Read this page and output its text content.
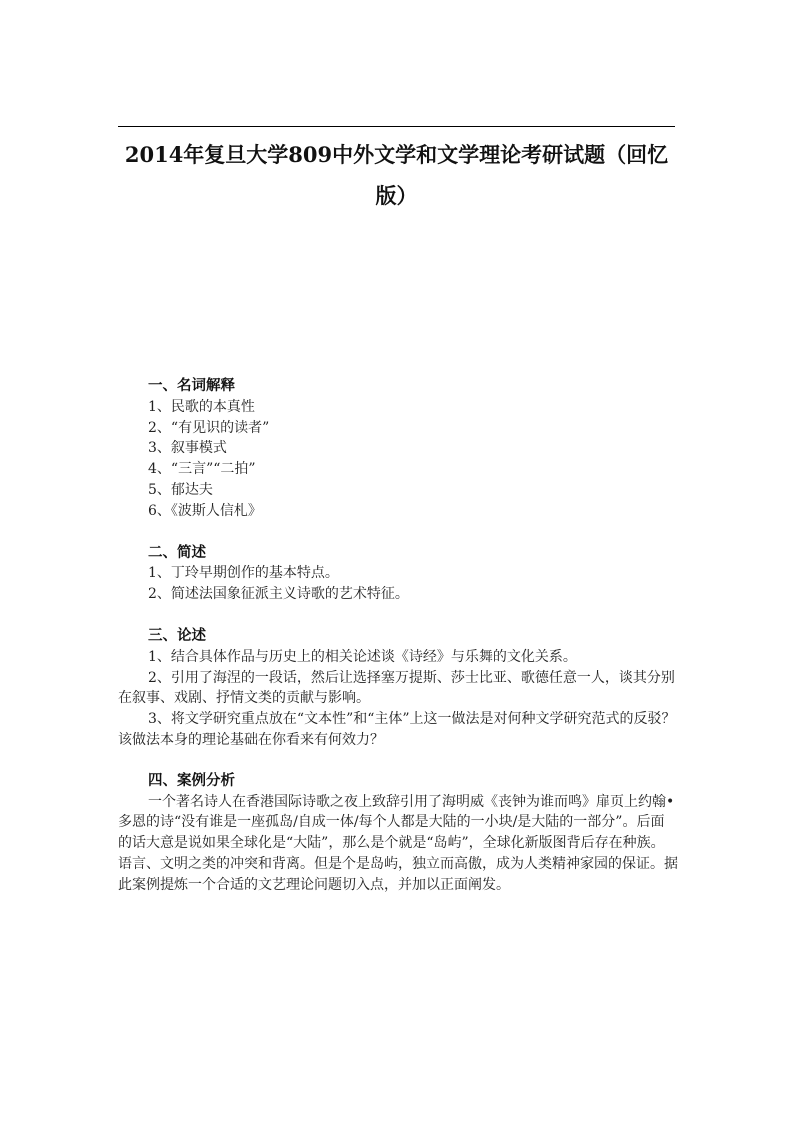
2014年复旦大学809中外文学和文学理论考研试题（回忆
版）
一、名词解释
1、民歌的本真性
2、“有见识的读者”
3、叙事模式
4、“三言”“二拍”
5、郁达夫
6、《波斯人信札》
二、简述
1、丁玲早期创作的基本特点。
2、简述法国象征派主义诗歌的艺术特征。
三、论述
1、结合具体作品与历史上的相关论述谈《诗经》与乐舞的文化关系。
2、引用了海涅的一段话，然后让选择塞万提斯、莎士比亚、歌德任意一人，谈其分别在叙事、戏剧、抒情文类的贡献与影响。
3、将文学研究重点放在“文本性”和“主体”上这一做法是对何种文学研究范式的反驳？该做法本身的理论基础在你看来有何效力？
四、案例分析
一个著名诗人在香港国际诗歌之夜上致辞引用了海明威《丧钟为谁而鸣》扉页上约翰•多恩的诗“没有谁是一座孤岛/自成一体/每个人都是大陆的一小块/是大陆的一部分”。后面的话大意是说如果全球化是“大陆”，那么是个就是“岛屿”，全球化新版图背后存在种族。语言、文明之类的冲突和背离。但是个是岛屿，独立而高傲，成为人类精神家园的保证。据此案例提炼一个合适的文艺理论问题切入点，并加以正面阐发。
